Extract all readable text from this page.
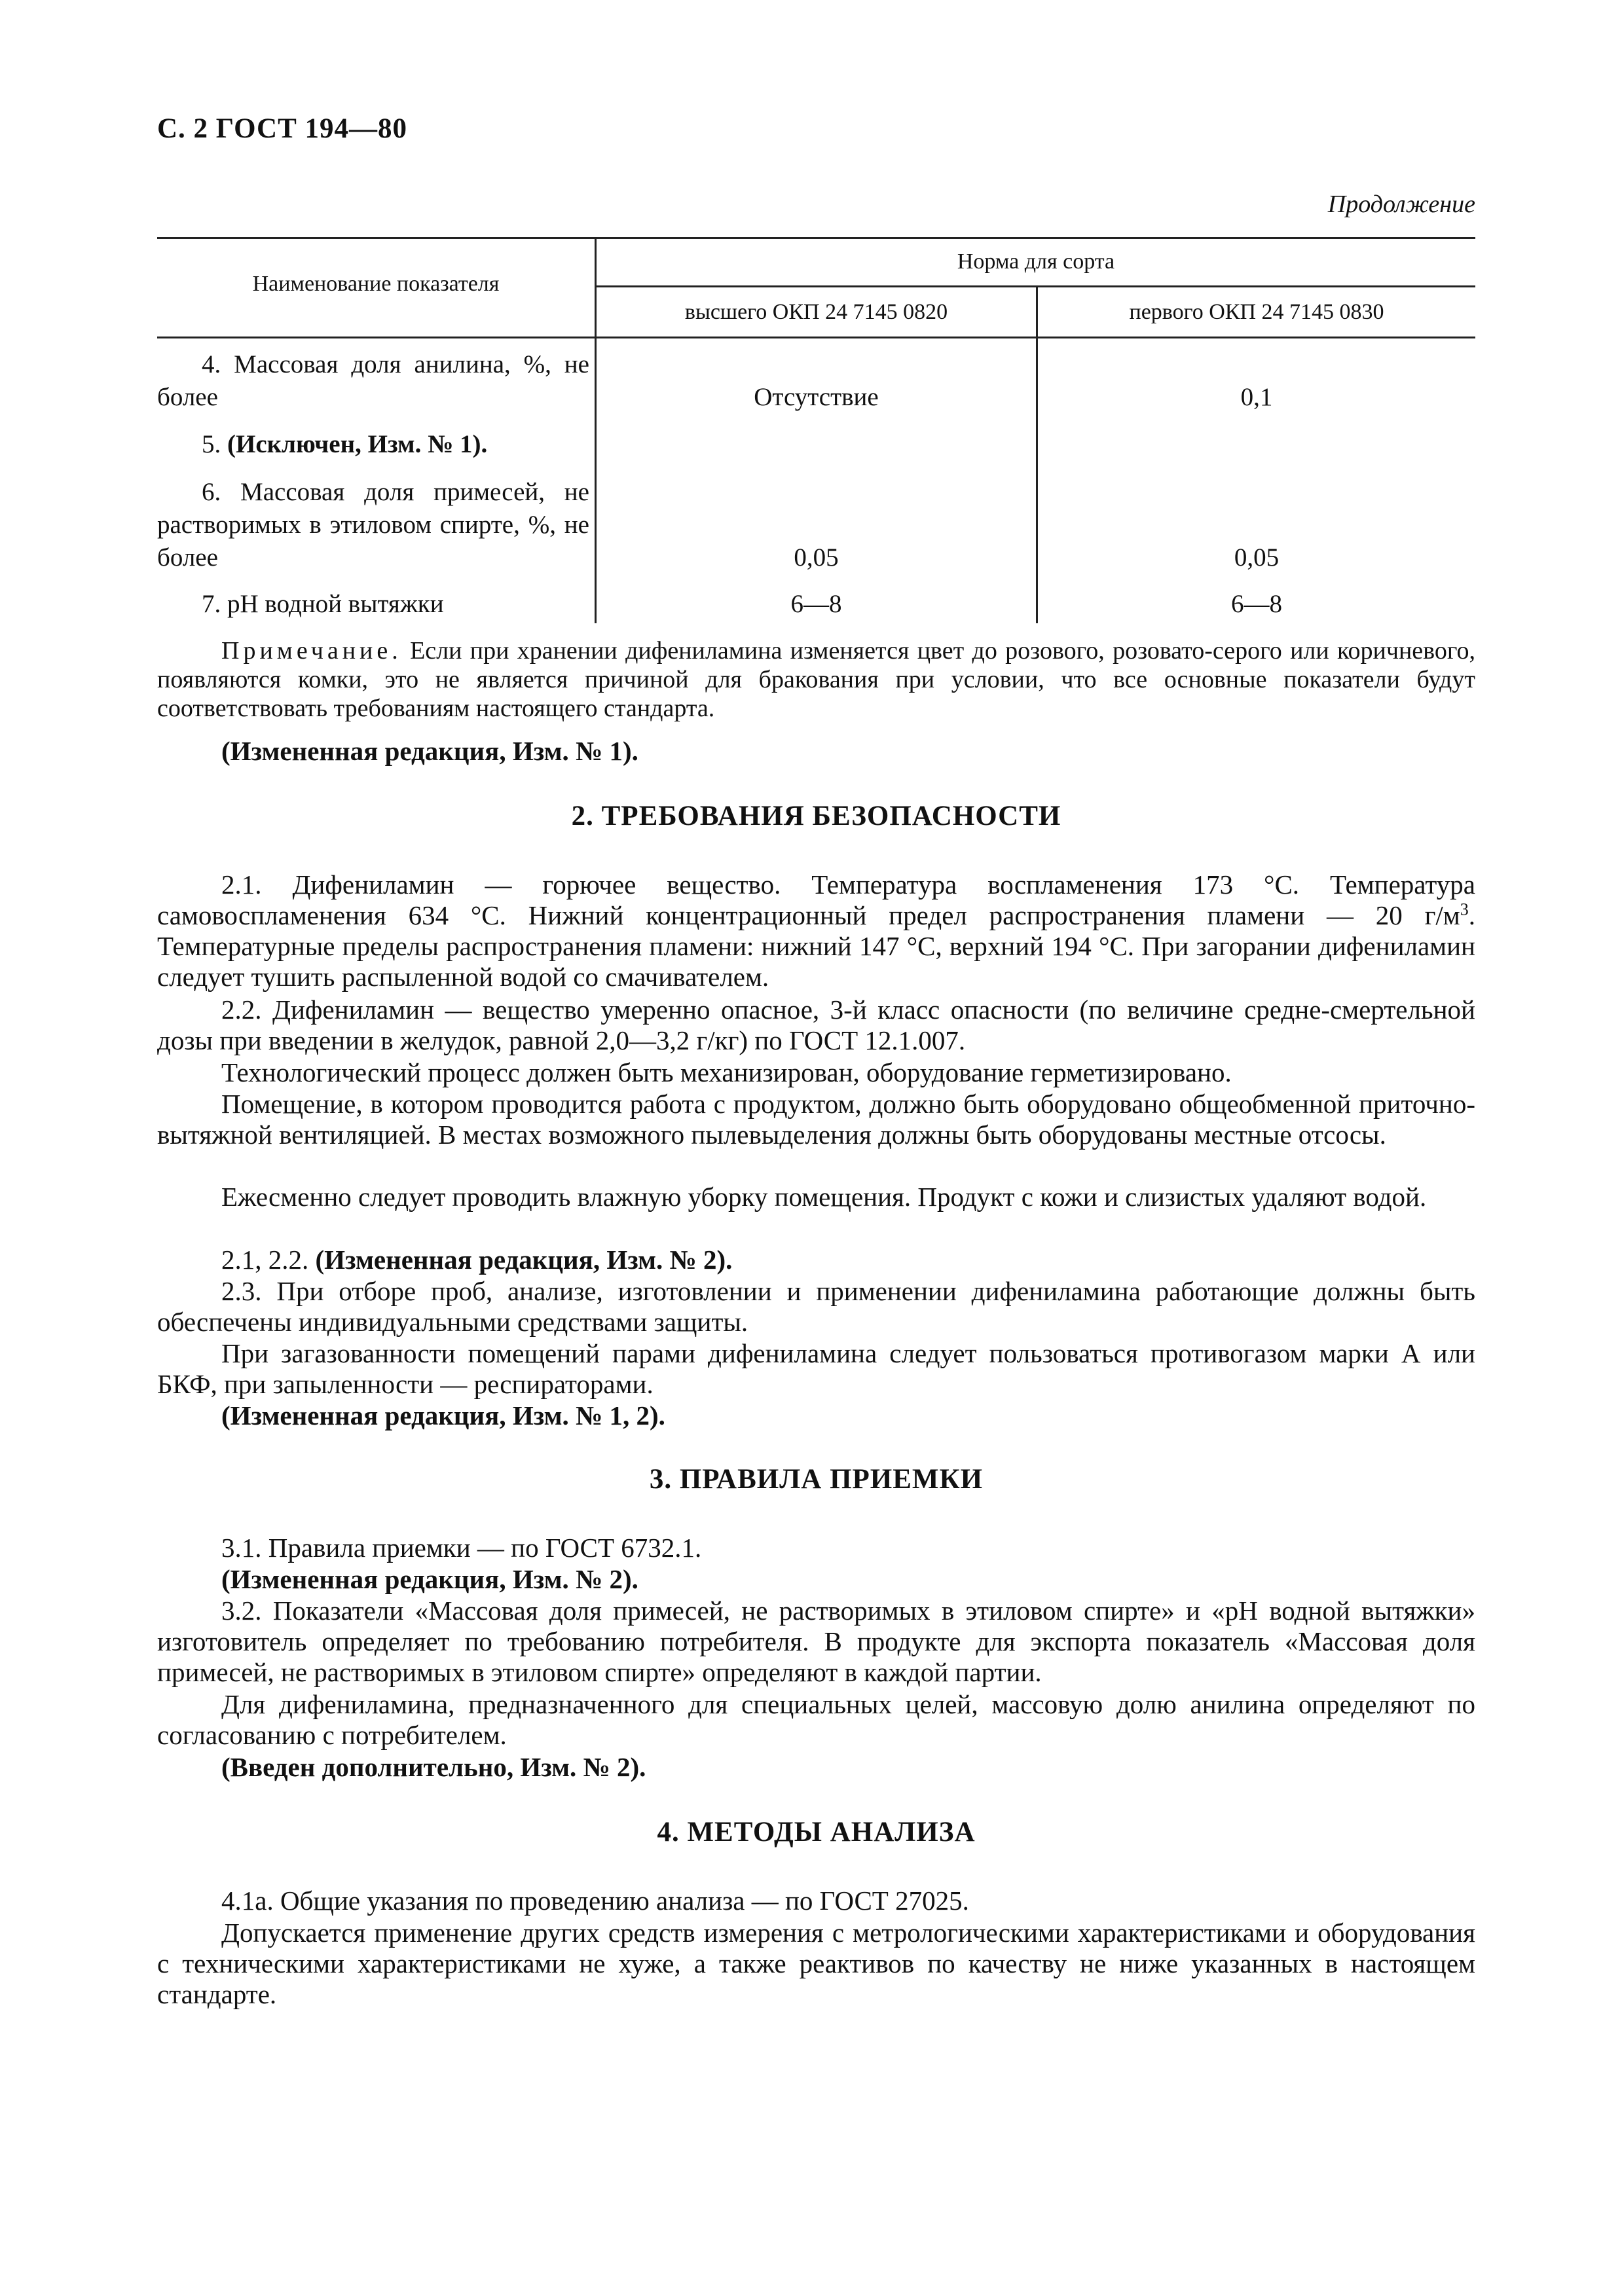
С. 2 ГОСТ 194—80
Продолжение
Наименование показателя
Норма для сорта
высшего ОКП 24 7145 0820	первого ОКП 24 7145 0830
4. Массовая доля анилина, %, не более	Отсутствие	0,1
5. (Исключен, Изм. № 1).
6. Массовая доля примесей, не растворимых в этиловом спирте, %, не более	0,05	0,05
7. pH водной вытяжки	6—8	6—8
Примечание. Если при хранении дифениламина изменяется цвет до розового, розовато-серого или коричневого, появляются комки, это не является причиной для бракования при условии, что все основные показатели будут соответствовать требованиям настоящего стандарта.
(Измененная редакция, Изм. № 1).
2. ТРЕБОВАНИЯ БЕЗОПАСНОСТИ
2.1. Дифениламин — горючее вещество. Температура воспламенения 173 °С. Температура самовоспламенения 634 °С. Нижний концентрационный предел распространения пламени — 20 $г/м^3$. Температурные пределы распространения пламени: нижний 147 °С, верхний 194 °С. При загорании дифениламин следует тушить распыленной водой со смачивателем.
2.2. Дифениламин — вещество умеренно опасное, 3-й класс опасности (по величине средне-смертельной дозы при введении в желудок, равной 2,0—3,2 г/кг) по ГОСТ 12.1.007.
Технологический процесс должен быть механизирован, оборудование герметизировано.
Помещение, в котором проводится работа с продуктом, должно быть оборудовано общеобменной приточно-вытяжной вентиляцией. В местах возможного пылевыделения должны быть оборудованы местные отсосы.
Ежесменно следует проводить влажную уборку помещения. Продукт с кожи и слизистых удаляют водой.
2.1, 2.2. (Измененная редакция, Изм. № 2).
2.3. При отборе проб, анализе, изготовлении и применении дифениламина работающие должны быть обеспечены индивидуальными средствами защиты.
При загазованности помещений парами дифениламина следует пользоваться противогазом марки А или БКФ, при запыленности — респираторами.
(Измененная редакция, Изм. № 1, 2).
3. ПРАВИЛА ПРИЕМКИ
3.1. Правила приемки — по ГОСТ 6732.1.
(Измененная редакция, Изм. № 2).
3.2. Показатели «Массовая доля примесей, не растворимых в этиловом спирте» и «pH водной вытяжки» изготовитель определяет по требованию потребителя. В продукте для экспорта показатель «Массовая доля примесей, не растворимых в этиловом спирте» определяют в каждой партии.
Для дифениламина, предназначенного для специальных целей, массовую долю анилина определяют по согласованию с потребителем.
(Введен дополнительно, Изм. № 2).
4. МЕТОДЫ АНАЛИЗА
4.1а. Общие указания по проведению анализа — по ГОСТ 27025.
Допускается применение других средств измерения с метрологическими характеристиками и оборудования с техническими характеристиками не хуже, а также реактивов по качеству не ниже указанных в настоящем стандарте.
